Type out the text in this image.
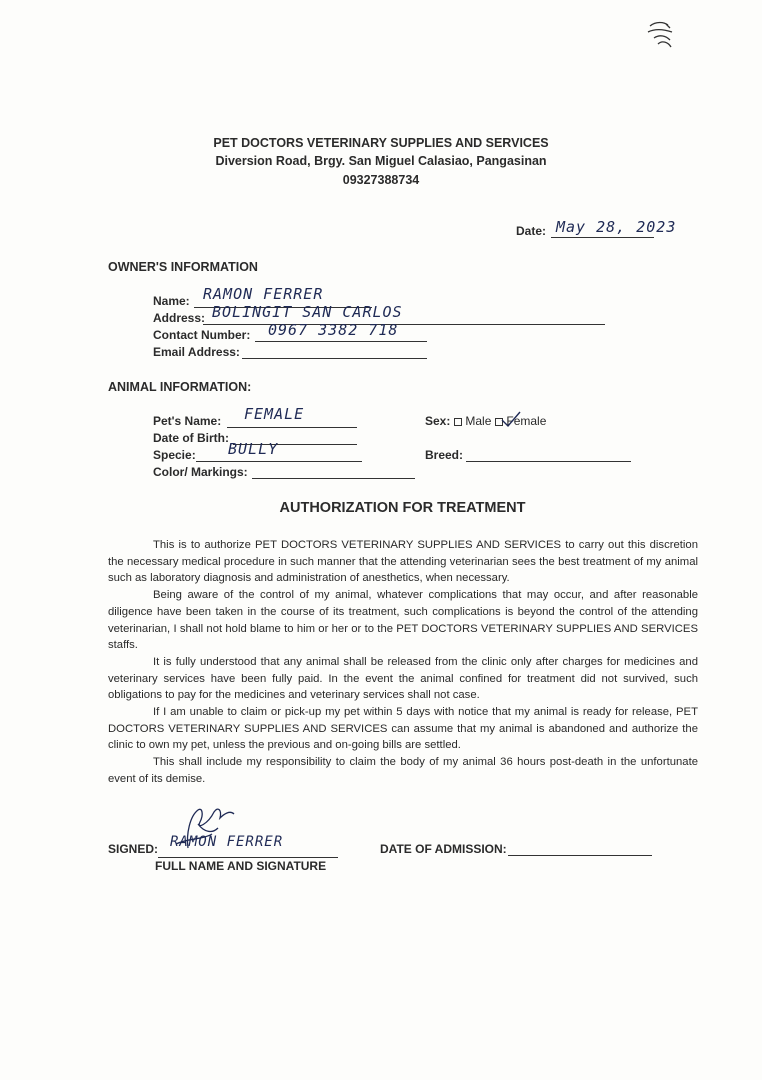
PET DOCTORS VETERINARY SUPPLIES AND SERVICES
Diversion Road, Brgy. San Miguel Calasiao, Pangasinan
09327388734
Date: May 28, 2023
OWNER'S INFORMATION
Name: RAMON FERRER
Address: BOLINGIT SAN CARLOS
Contact Number: 0967 3382 718
Email Address:
ANIMAL INFORMATION:
Pet's Name: FEMALE
Date of Birth:
Specie: BULLY
Color/ Markings:
Sex: Male Female
Breed:
AUTHORIZATION FOR TREATMENT

This is to authorize PET DOCTORS VETERINARY SUPPLIES AND SERVICES to carry out this discretion the necessary medical procedure in such manner that the attending veterinarian sees the best treatment of my animal such as laboratory diagnosis and administration of anesthetics, when necessary.

Being aware of the control of my animal, whatever complications that may occur, and after reasonable diligence have been taken in the course of its treatment, such complications is beyond the control of the attending veterinarian, I shall not hold blame to him or her or to the PET DOCTORS VETERINARY SUPPLIES AND SERVICES staffs.

It is fully understood that any animal shall be released from the clinic only after charges for medicines and veterinary services have been fully paid. In the event the animal confined for treatment did not survived, such obligations to pay for the medicines and veterinary services shall not case.

If I am unable to claim or pick-up my pet within 5 days with notice that my animal is ready for release, PET DOCTORS VETERINARY SUPPLIES AND SERVICES can assume that my animal is abandoned and authorize the clinic to own my pet, unless the previous and on-going bills are settled.

This shall include my responsibility to claim the body of my animal 36 hours post-death in the unfortunate event of its demise.

SIGNED: RAMON FERRER
FULL NAME AND SIGNATURE
DATE OF ADMISSION:
